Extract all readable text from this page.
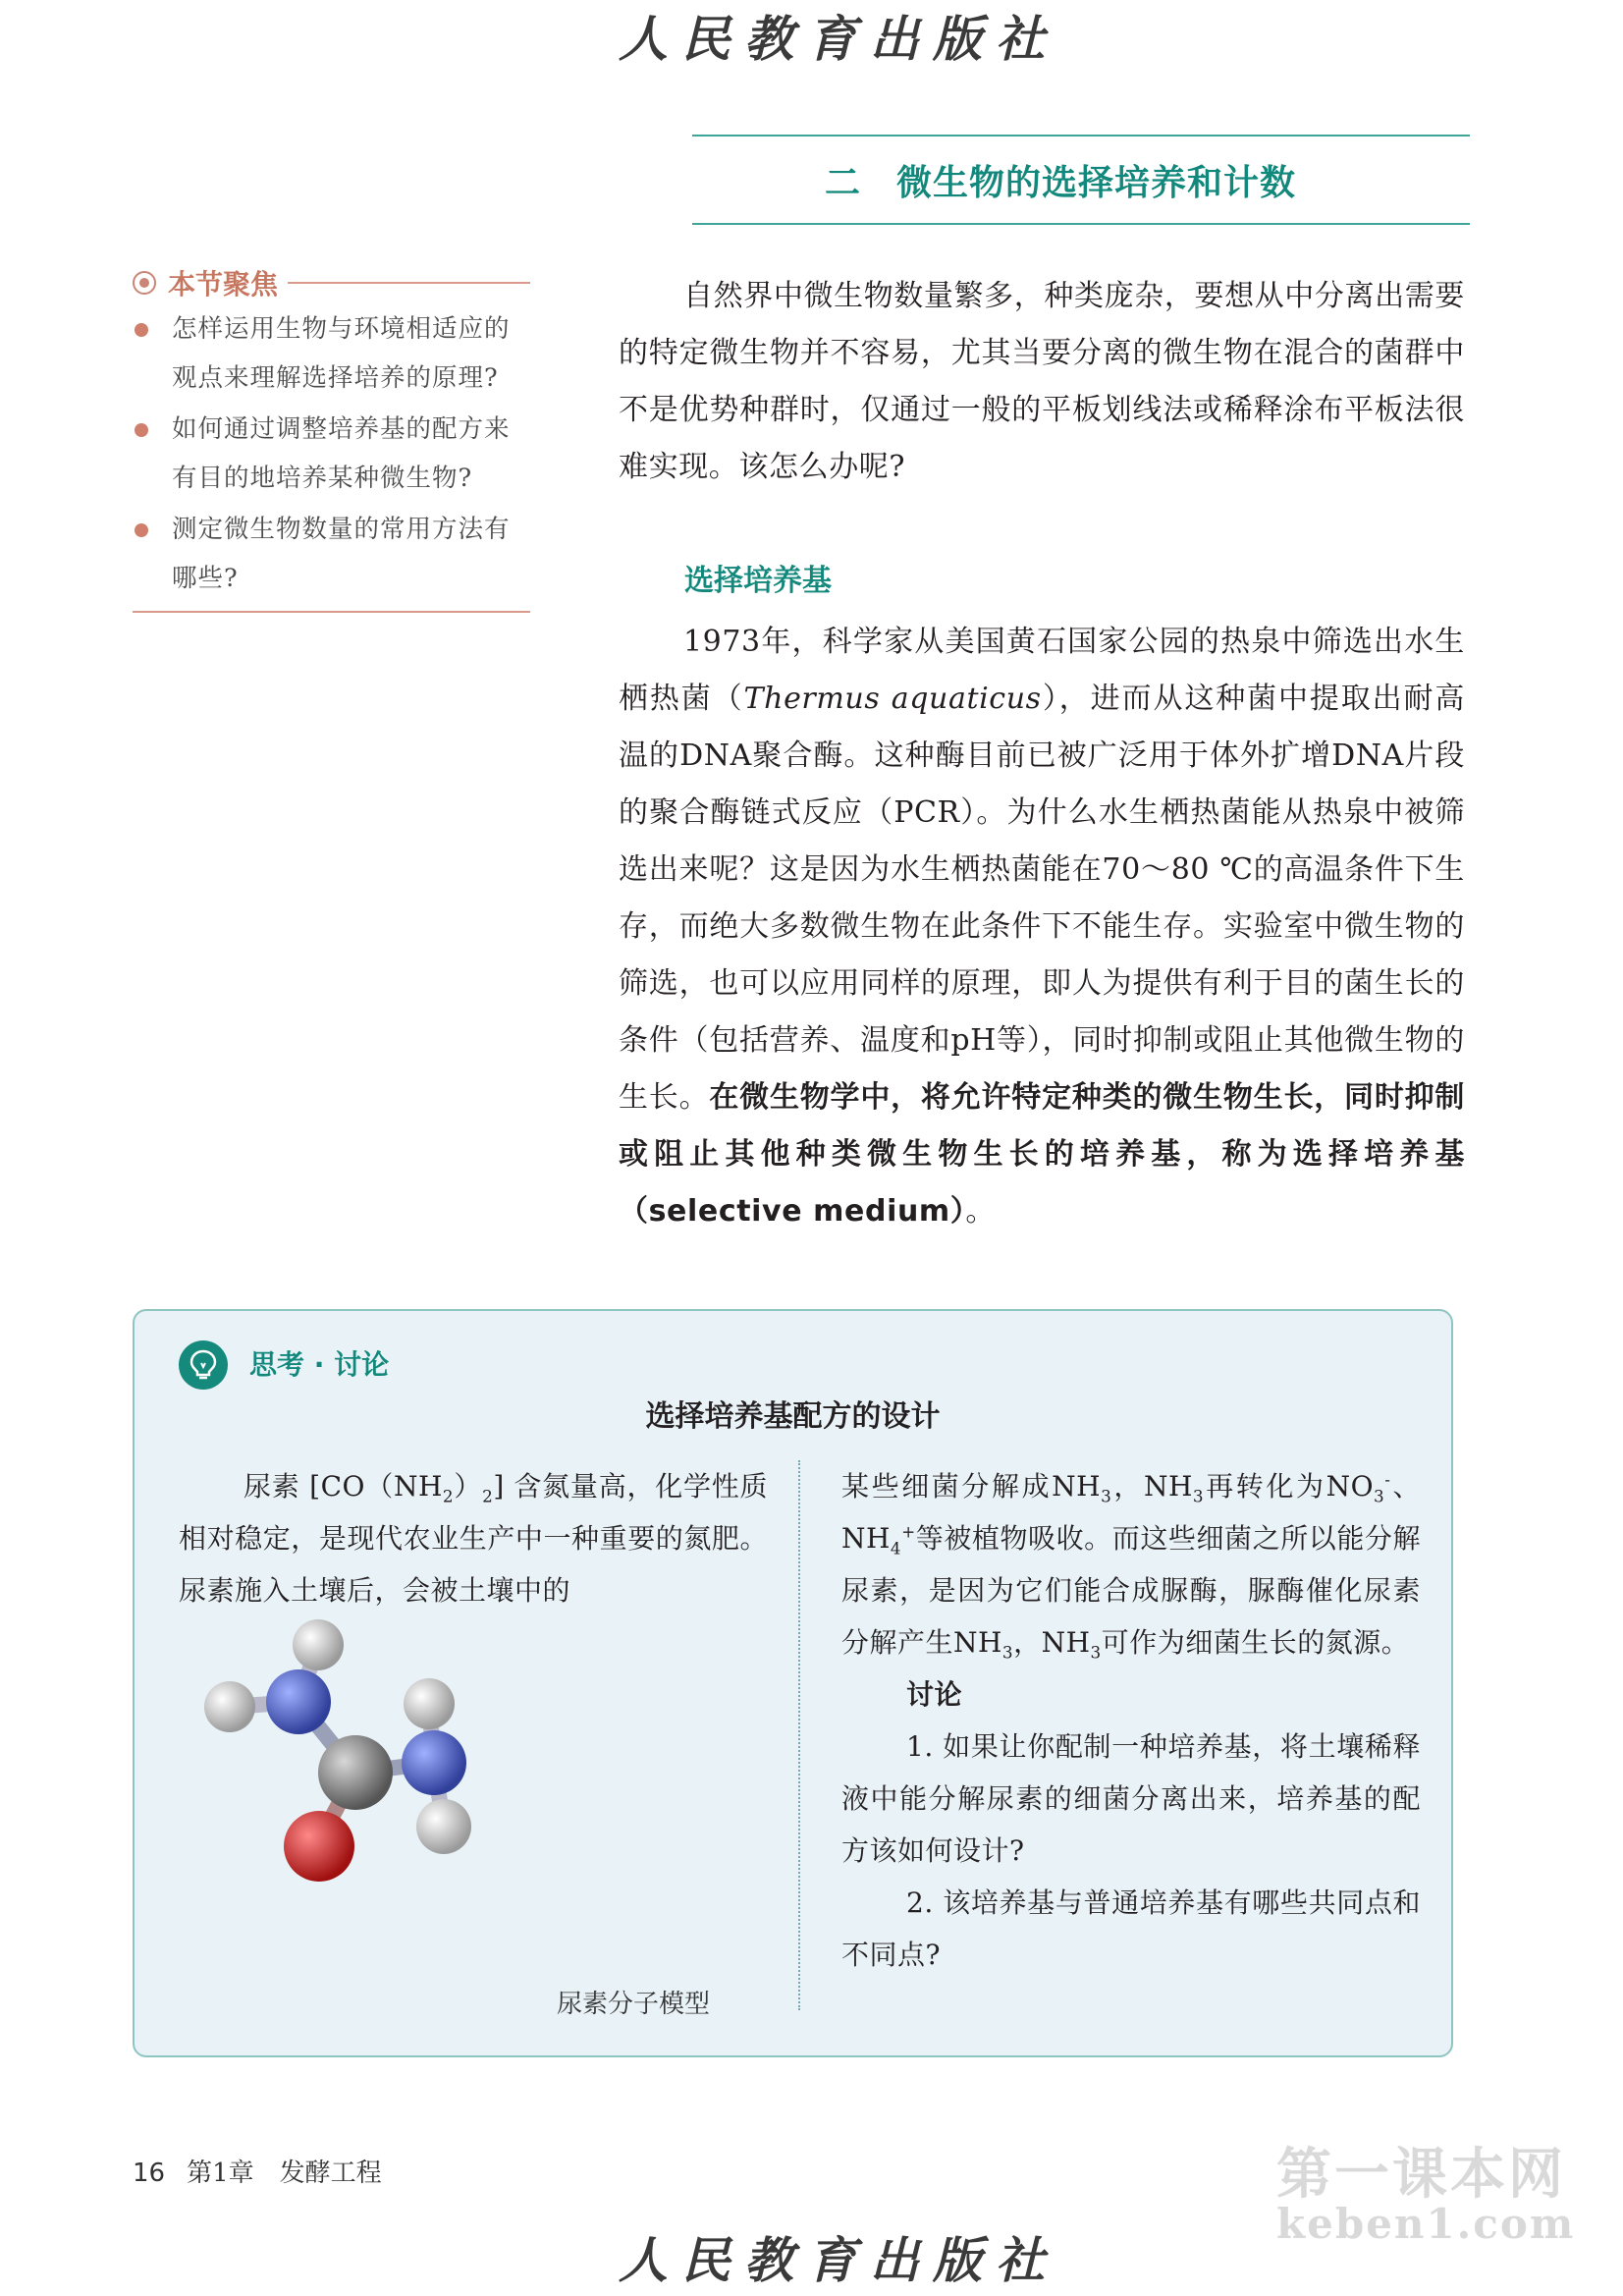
人民教育出版社
二 微生物的选择培养和计数
本节聚焦
怎样运用生物与环境相适应的观点来理解选择培养的原理?
如何通过调整培养基的配方来有目的地培养某种微生物?
测定微生物数量的常用方法有哪些?
自然界中微生物数量繁多，种类庞杂，要想从中分离出需要的特定微生物并不容易，尤其当要分离的微生物在混合的菌群中不是优势种群时，仅通过一般的平板划线法或稀释涂布平板法很难实现。该怎么办呢?
选择培养基
1973年，科学家从美国黄石国家公园的热泉中筛选出水生栖热菌（Thermus aquaticus），进而从这种菌中提取出耐高温的DNA聚合酶。这种酶目前已被广泛用于体外扩增DNA片段的聚合酶链式反应（PCR）。为什么水生栖热菌能从热泉中被筛选出来呢？这是因为水生栖热菌能在70～80 ℃的高温条件下生存，而绝大多数微生物在此条件下不能生存。实验室中微生物的筛选，也可以应用同样的原理，即人为提供有利于目的菌生长的条件（包括营养、温度和pH等），同时抑制或阻止其他微生物的生长。在微生物学中，将允许特定种类的微生物生长，同时抑制或阻止其他种类微生物生长的培养基，称为选择培养基（selective medium）。
思考 · 讨论
选择培养基配方的设计
尿素 $[CO(NH_2)_2]$ 含氮量高，化学性质相对稳定，是现代农业生产中一种重要的氮肥。尿素施入土壤后，会被土壤中的
尿素分子模型
某些细菌分解成$NH_3$，$NH_3$再转化为$NO_3^-$、$NH_4^+$等被植物吸收。而这些细菌之所以能分解尿素，是因为它们能合成脲酶，脲酶催化尿素分解产生$NH_3$，$NH_3$可作为细菌生长的氮源。
讨论
1. 如果让你配制一种培养基，将土壤稀释液中能分解尿素的细菌分离出来，培养基的配方该如何设计?
2. 该培养基与普通培养基有哪些共同点和不同点?
16 第1章　发酵工程	第一课本网
keben1.com
人民教育出版社
